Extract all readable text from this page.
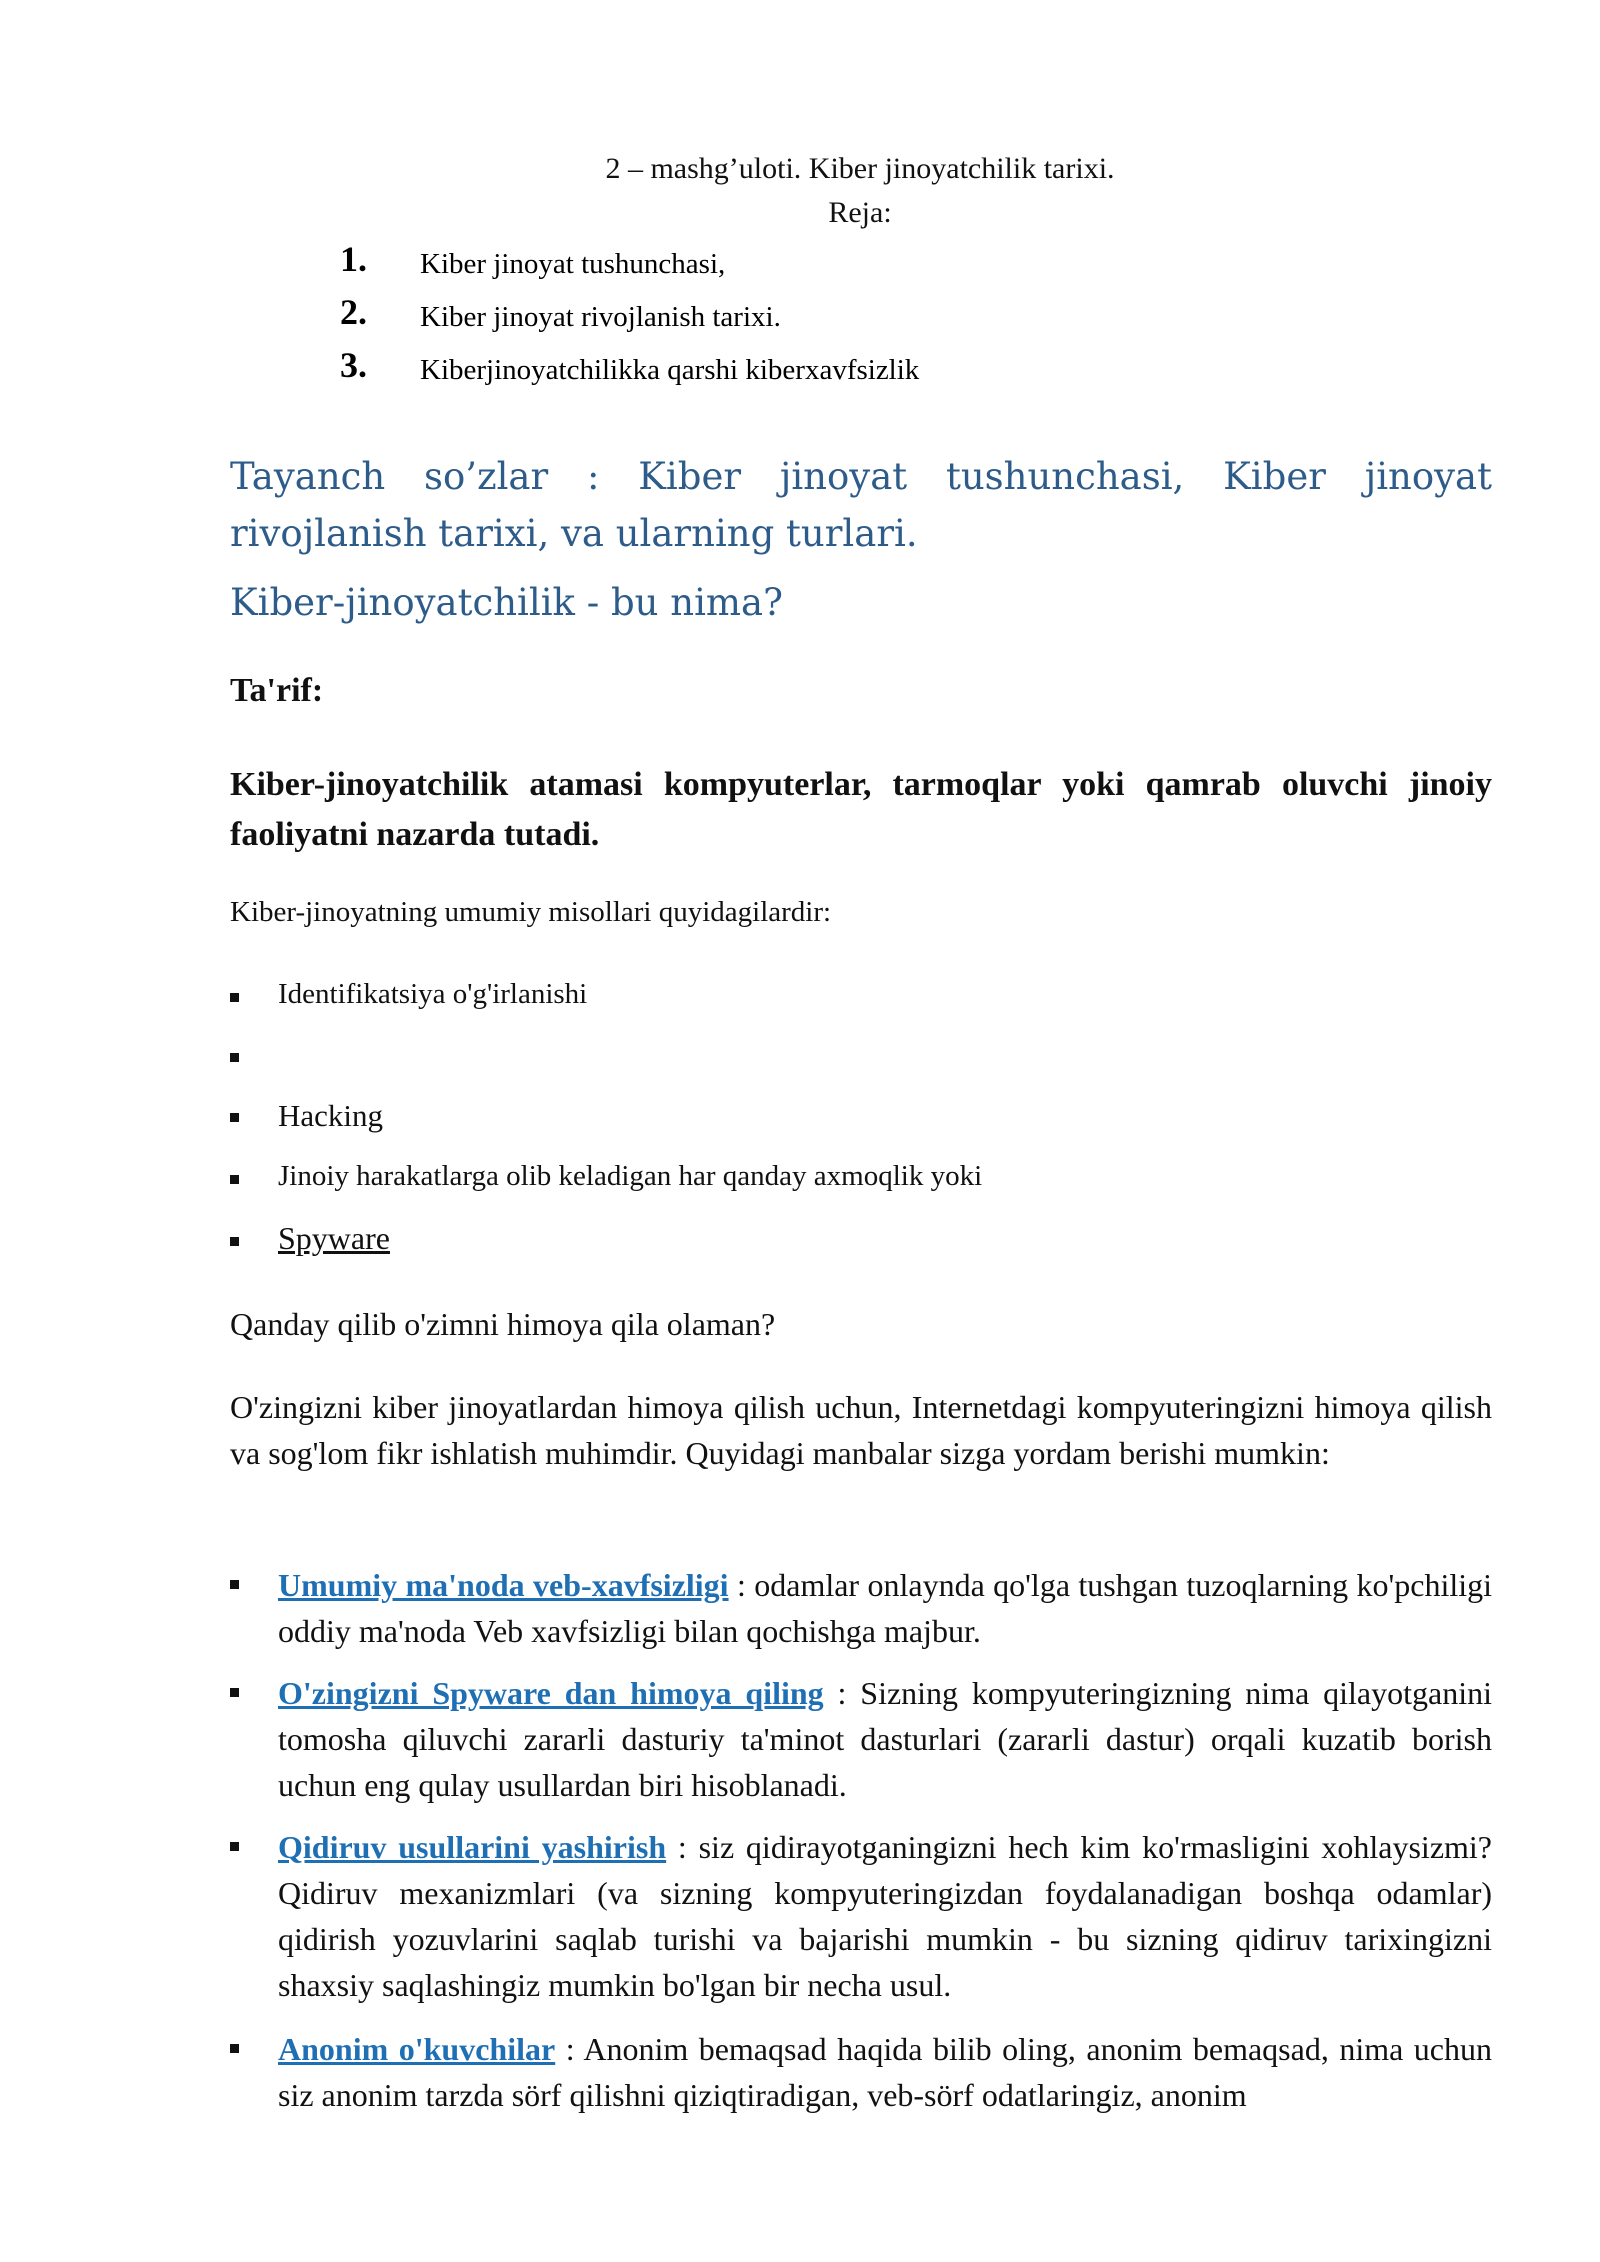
2 – mashg’uloti. Kiber jinoyatchilik tarixi.
Reja:
1. Kiber jinoyat tushunchasi,
2. Kiber jinoyat rivojlanish tarixi.
3. Kiberjinoyatchilikka qarshi kiberxavfsizlik
Tayanch so’zlar : Kiber jinoyat tushunchasi, Kiber jinoyat rivojlanish tarixi, va ularning turlari.
Kiber-jinoyatchilik - bu nima?
Ta'rif:
Kiber-jinoyatchilik atamasi kompyuterlar, tarmoqlar yoki qamrab oluvchi jinoiy faoliyatni nazarda tutadi.
Kiber-jinoyatning umumiy misollari quyidagilardir:
Identifikatsiya o'g'irlanishi
Hacking
Jinoiy harakatlarga olib keladigan har qanday axmoqlik yoki
Spyware
Qanday qilib o'zimni himoya qila olaman?
O'zingizni kiber jinoyatlardan himoya qilish uchun, Internetdagi kompyuteringizni himoya qilish va sog'lom fikr ishlatish muhimdir. Quyidagi manbalar sizga yordam berishi mumkin:
Umumiy ma'noda veb-xavfsizligi : odamlar onlaynda qo'lga tushgan tuzoqlarning ko'pchiligi oddiy ma'noda Veb xavfsizligi bilan qochishga majbur.
O'zingizni Spyware dan himoya qiling : Sizning kompyuteringizning nima qilayotganini tomosha qiluvchi zararli dasturiy ta'minot dasturlari (zararli dastur) orqali kuzatib borish uchun eng qulay usullardan biri hisoblanadi.
Qidiruv usullarini yashirish : siz qidirayotganingizni hech kim ko'rmasligini xohlaysizmi? Qidiruv mexanizmlari (va sizning kompyuteringizdan foydalanadigan boshqa odamlar) qidirish yozuvlarini saqlab turishi va bajarishi mumkin - bu sizning qidiruv tarixingizni shaxsiy saqlashingiz mumkin bo'lgan bir necha usul.
Anonim o'kuvchilar : Anonim bemaqsad haqida bilib oling, anonim bemaqsad, nima uchun siz anonim tarzda sörf qilishni qiziqtiradigan, veb-sörf odatlaringiz, anonim
